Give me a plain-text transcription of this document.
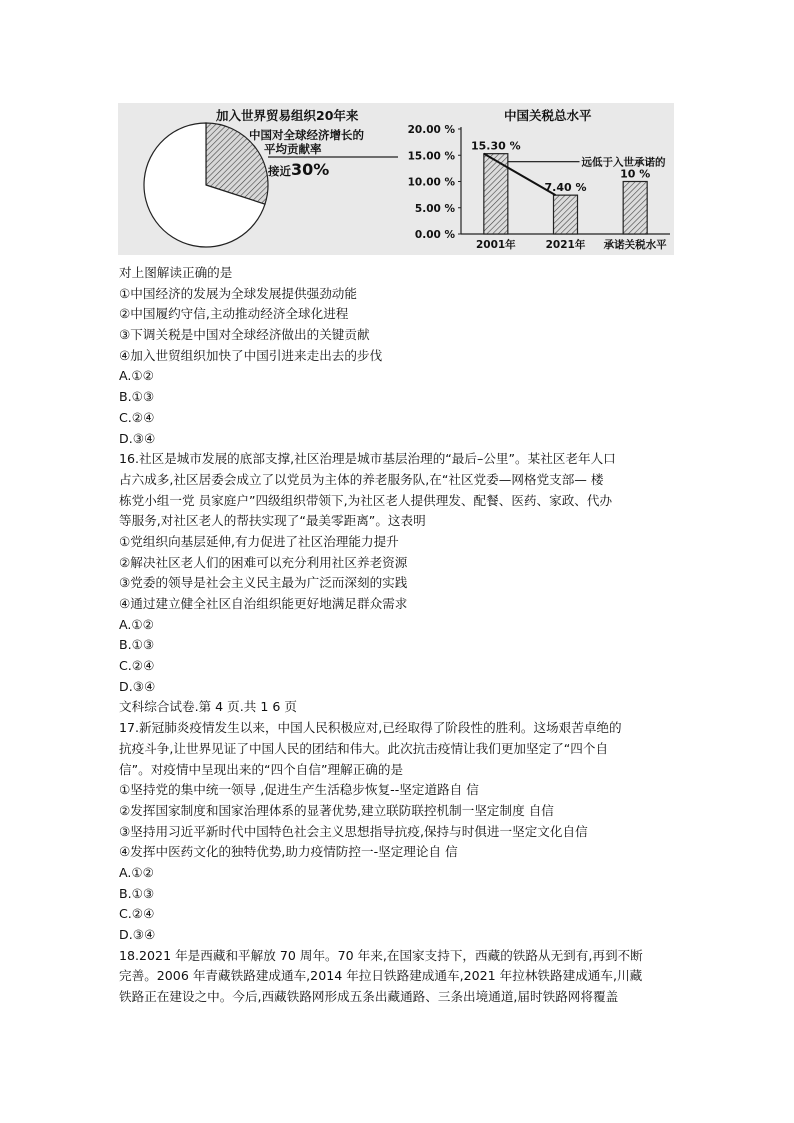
加入世界贸易组织20年来
中国对全球经济增长的
平均贡献率
接近30%
中国关税总水平
0.00 %
5.00 %
10.00 %
15.00 %
20.00 %
15.30 %
2001年
7.40 %
2021年
10 %
承诺关税水平
远低于入世承诺的
对上图解读正确的是
①中国经济的发展为全球发展提供强劲动能
②中国履约守信,主动推动经济全球化进程
③下调关税是中国对全球经济做出的关键贡献
④加入世贸组织加快了中国引进来走出去的步伐
A.①②
B.①③
C.②④
D.③④
16.社区是城市发展的底部支撑,社区治理是城市基层治理的“最后–公里”。某社区老年人口
占六成多,社区居委会成立了以党员为主体的养老服务队,在“社区党委—网格党支部— 楼
栋党小组一党 员家庭户”四级组织带领下,为社区老人提供理发、配餐、医药、家政、代办
等服务,对社区老人的帮扶实现了“最美零距离”。这表明
①党组织向基层延伸,有力促进了社区治理能力提升
②解决社区老人们的困难可以充分利用社区养老资源
③党委的领导是社会主义民主最为广泛而深刻的实践
④通过建立健全社区自治组织能更好地满足群众需求
A.①②
B.①③
C.②④
D.③④
文科综合试卷.第 4 页.共 1 6 页
17.新冠肺炎疫情发生以来，中国人民积极应对,已经取得了阶段性的胜利。这场艰苦卓绝的
抗疫斗争,让世界见证了中国人民的团结和伟大。此次抗击疫情让我们更加坚定了“四个自
信”。对疫情中呈现出来的“四个自信”理解正确的是
①坚持党的集中统一领导 ,促进生产生活稳步恢复--坚定道路自 信
②发挥国家制度和国家治理体系的显著优势,建立联防联控机制一坚定制度 自信
③坚持用习近平新时代中国特色社会主义思想指导抗疫,保持与时俱进一坚定文化自信
④发挥中医药文化的独特优势,助力疫情防控一-坚定理论自 信
A.①②
B.①③
C.②④
D.③④
18.2021 年是西藏和平解放 70 周年。70 年来,在国家支持下，西藏的铁路从无到有,再到不断
完善。2006 年青藏铁路建成通车,2014 年拉日铁路建成通车,2021 年拉林铁路建成通车,川藏
铁路正在建设之中。今后,西藏铁路网形成五条出藏通路、三条出境通道,届时铁路网将覆盖
